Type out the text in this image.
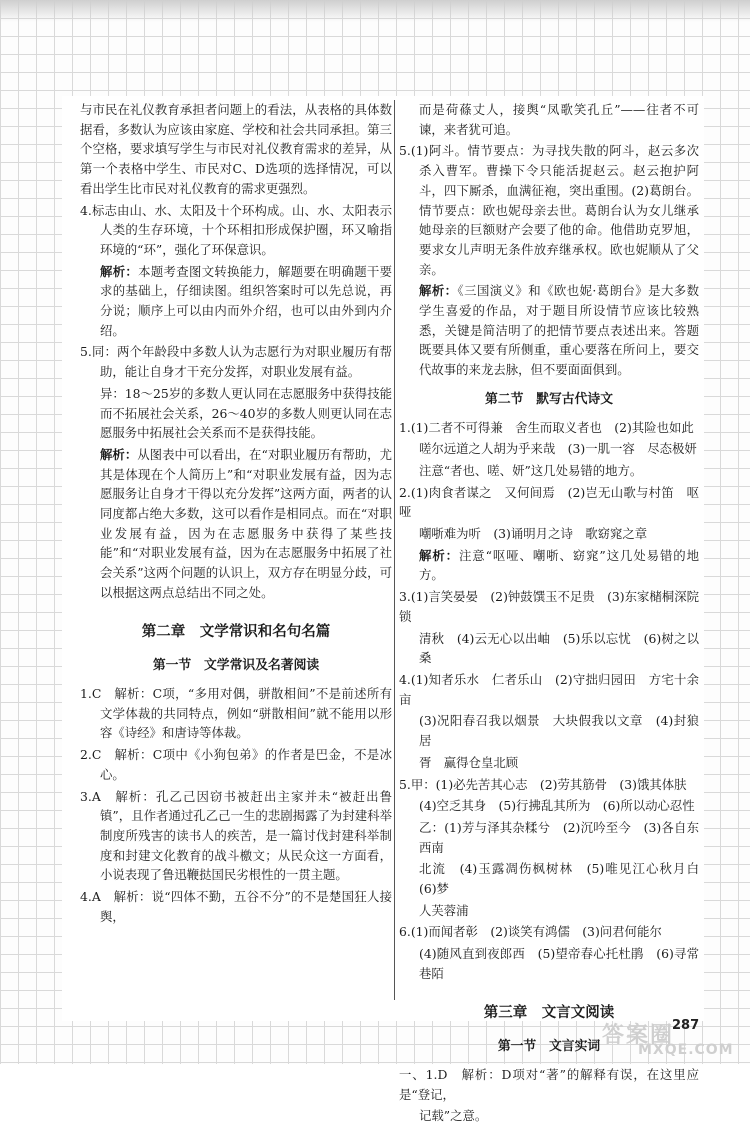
与市民在礼仪教育承担者问题上的看法，从表格的具体数据看，多数认为应该由家庭、学校和社会共同承担。第三个空格，要求填写学生与市民对礼仪教育需求的差异，从第一个表格中学生、市民对C、D选项的选择情况，可以看出学生比市民对礼仪教育的需求更强烈。

4.标志由山、水、太阳及十个环构成。山、水、太阳表示人类的生存环境，十个环相扣形成保护圈，环又喻指环境的“环”，强化了环保意识。

解析：本题考查图文转换能力，解题要在明确题干要求的基础上，仔细读图。组织答案时可以先总说，再分说；顺序上可以由内而外介绍，也可以由外到内介绍。

5.同：两个年龄段中多数人认为志愿行为对职业履历有帮助，能让自身才干充分发挥，对职业发展有益。

异：18～25岁的多数人更认同在志愿服务中获得技能而不拓展社会关系，26～40岁的多数人则更认同在志愿服务中拓展社会关系而不是获得技能。

解析：从图表中可以看出，在“对职业履历有帮助，尤其是体现在个人简历上”和“对职业发展有益，因为志愿服务让自身才干得以充分发挥”这两方面，两者的认同度都占绝大多数，这可以看作是相同点。而在“对职业发展有益，因为在志愿服务中获得了某些技能”和“对职业发展有益，因为在志愿服务中拓展了社会关系”这两个问题的认识上，双方存在明显分歧，可以根据这两点总结出不同之处。

第二章　文学常识和名句名篇
第一节　文学常识及名著阅读

1.C　解析：C项，“多用对偶，骈散相间”不是前述所有文学体裁的共同特点，例如“骈散相间”就不能用以形容《诗经》和唐诗等体裁。

2.C　解析：C项中《小狗包弟》的作者是巴金，不是冰心。

3.A　解析：孔乙己因窃书被赶出主家并未“被赶出鲁镇”，且作者通过孔乙己一生的悲剧揭露了为封建科举制度所残害的读书人的疾苦，是一篇讨伐封建科举制度和封建文化教育的战斗檄文；从民众这一方面看，小说表现了鲁迅鞭挞国民劣根性的一贯主题。

4.A　解析：说“四体不勤，五谷不分”的不是楚国狂人接舆，

而是荷蓧丈人，接舆“凤歌笑孔丘”——往者不可谏，来者犹可追。

5.(1)阿斗。情节要点：为寻找失散的阿斗，赵云多次杀入曹军。曹操下令只能活捉赵云。赵云抱护阿斗，四下厮杀，血满征袍，突出重围。(2)葛朗台。情节要点：欧也妮母亲去世。葛朗台认为女儿继承她母亲的巨额财产会要了他的命。他借助克罗旭，要求女儿声明无条件放弃继承权。欧也妮顺从了父亲。

解析：《三国演义》和《欧也妮·葛朗台》是大多数学生喜爱的作品，对于题目所设情节应该比较熟悉，关键是简洁明了的把情节要点表述出来。答题既要具体又要有所侧重，重心要落在所问上，要交代故事的来龙去脉，但不要面面俱到。

第二节　默写古代诗文

1.(1)二者不可得兼　舍生而取义者也　(2)其险也如此

嗟尔远道之人胡为乎来哉　(3)一肌一容　尽态极妍

注意“者也、嗟、妍”这几处易错的地方。

2.(1)肉食者谋之　又何间焉　(2)岂无山歌与村笛　呕哑

嘲哳难为听　(3)诵明月之诗　歌窈窕之章

解析：注意“呕哑、嘲哳、窈窕”这几处易错的地方。

3.(1)言笑晏晏　(2)钟鼓馔玉不足贵　(3)东家槠桐深院锁

清秋　(4)云无心以出岫　(5)乐以忘忧　(6)树之以桑

4.(1)知者乐水　仁者乐山　(2)守拙归园田　方宅十余亩

(3)况阳春召我以烟景　大块假我以文章　(4)封狼居

胥　赢得仓皇北顾

5.甲：(1)必先苦其心志　(2)劳其筋骨　(3)饿其体肤

(4)空乏其身　(5)行拂乱其所为　(6)所以动心忍性

乙：(1)芳与泽其杂糅兮　(2)沉吟至今　(3)各自东西南

北流　(4)玉露凋伤枫树林　(5)唯见江心秋月白　(6)梦

人芙蓉浦

6.(1)而闻者彰　(2)谈笑有鸿儒　(3)问君何能尔

(4)随风直到夜郎西　(5)望帝春心托杜鹃　(6)寻常巷陌

第三章　文言文阅读
第一节　文言实词

一、1.D　解析：D项对“著”的解释有误，在这里应是“登记，

记载”之意。

287
答案圈
MXQE.COM
